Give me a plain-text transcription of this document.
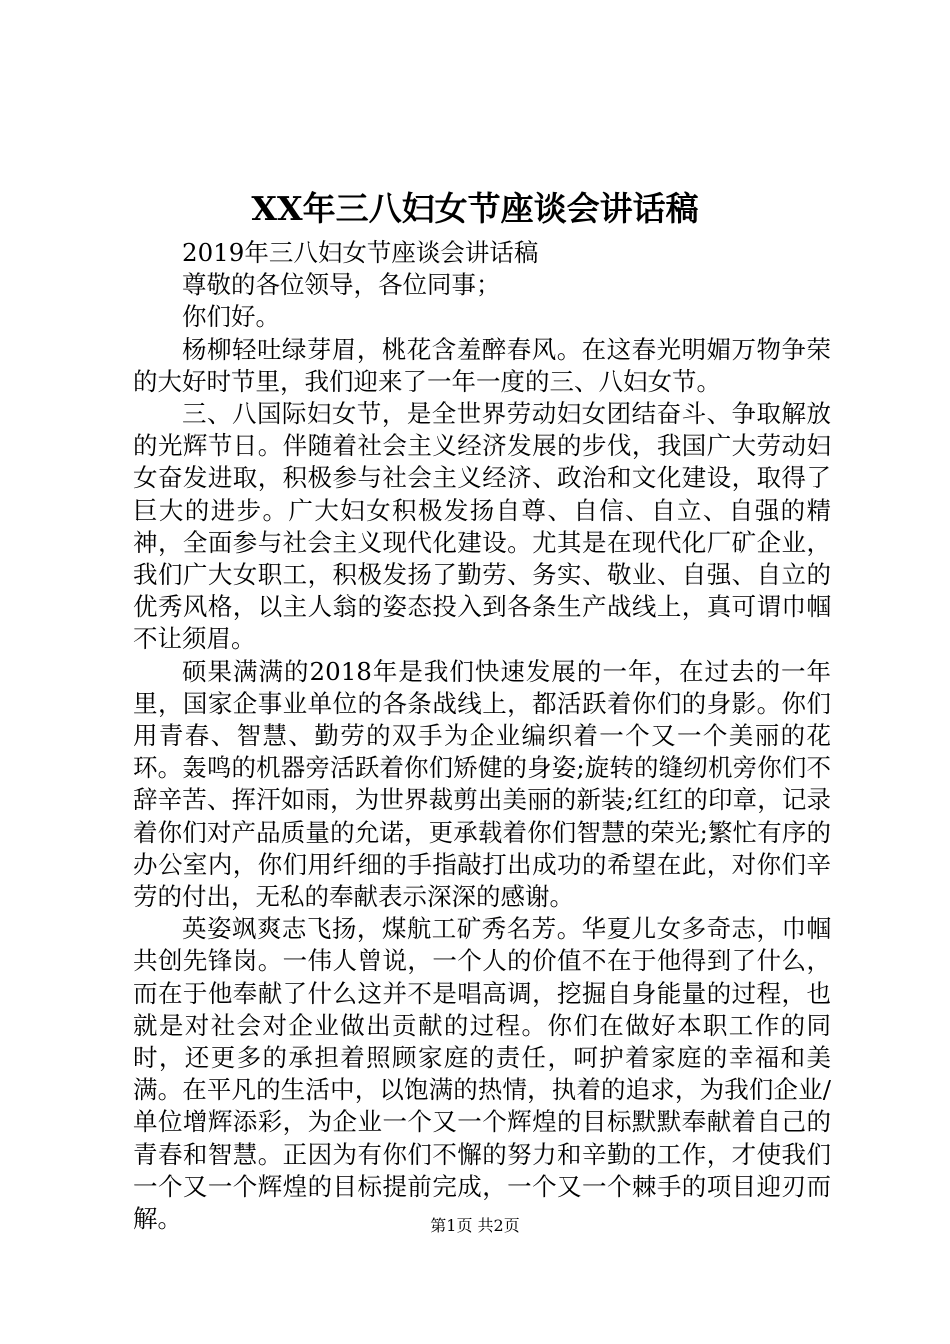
XX年三八妇女节座谈会讲话稿

2019年三八妇女节座谈会讲话稿

尊敬的各位领导，各位同事；

你们好。

杨柳轻吐绿芽眉，桃花含羞醉春风。在这春光明媚万物争荣的大好时节里，我们迎来了一年一度的三、八妇女节。

三、八国际妇女节，是全世界劳动妇女团结奋斗、争取解放的光辉节日。伴随着社会主义经济发展的步伐，我国广大劳动妇女奋发进取，积极参与社会主义经济、政治和文化建设，取得了巨大的进步。广大妇女积极发扬自尊、自信、自立、自强的精神，全面参与社会主义现代化建设。尤其是在现代化厂矿企业，我们广大女职工，积极发扬了勤劳、务实、敬业、自强、自立的优秀风格，以主人翁的姿态投入到各条生产战线上，真可谓巾帼不让须眉。

硕果满满的2018年是我们快速发展的一年，在过去的一年里，国家企事业单位的各条战线上，都活跃着你们的身影。你们用青春、智慧、勤劳的双手为企业编织着一个又一个美丽的花环。轰鸣的机器旁活跃着你们矫健的身姿;旋转的缝纫机旁你们不辞辛苦、挥汗如雨，为世界裁剪出美丽的新装;红红的印章，记录着你们对产品质量的允诺，更承载着你们智慧的荣光;繁忙有序的办公室内，你们用纤细的手指敲打出成功的希望在此，对你们辛劳的付出，无私的奉献表示深深的感谢。

英姿飒爽志飞扬，煤航工矿秀名芳。华夏儿女多奇志，巾帼共创先锋岗。一伟人曾说，一个人的价值不在于他得到了什么，而在于他奉献了什么这并不是唱高调，挖掘自身能量的过程，也就是对社会对企业做出贡献的过程。你们在做好本职工作的同时，还更多的承担着照顾家庭的责任，呵护着家庭的幸福和美满。在平凡的生活中，以饱满的热情，执着的追求，为我们企业/单位增辉添彩，为企业一个又一个辉煌的目标默默奉献着自己的青春和智慧。正因为有你们不懈的努力和辛勤的工作，才使我们一个又一个辉煌的目标提前完成，一个又一个棘手的项目迎刃而解。	第1页 共2页
